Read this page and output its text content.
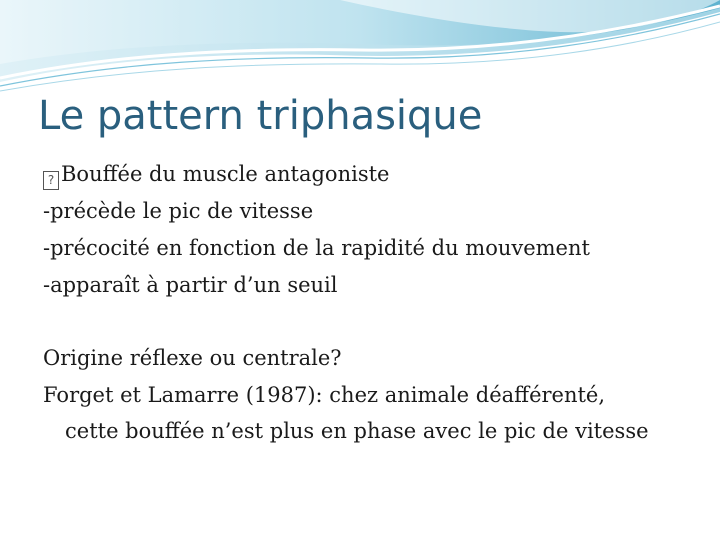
Le pattern triphasique
? Bouffée du muscle antagoniste
-précède le pic de vitesse
-précocité en fonction de la rapidité du mouvement
-apparaît à partir d’un seuil
Origine réflexe ou centrale?
Forget et Lamarre (1987): chez animale déafférenté,
cette bouffée n’est plus en phase avec le pic de vitesse
